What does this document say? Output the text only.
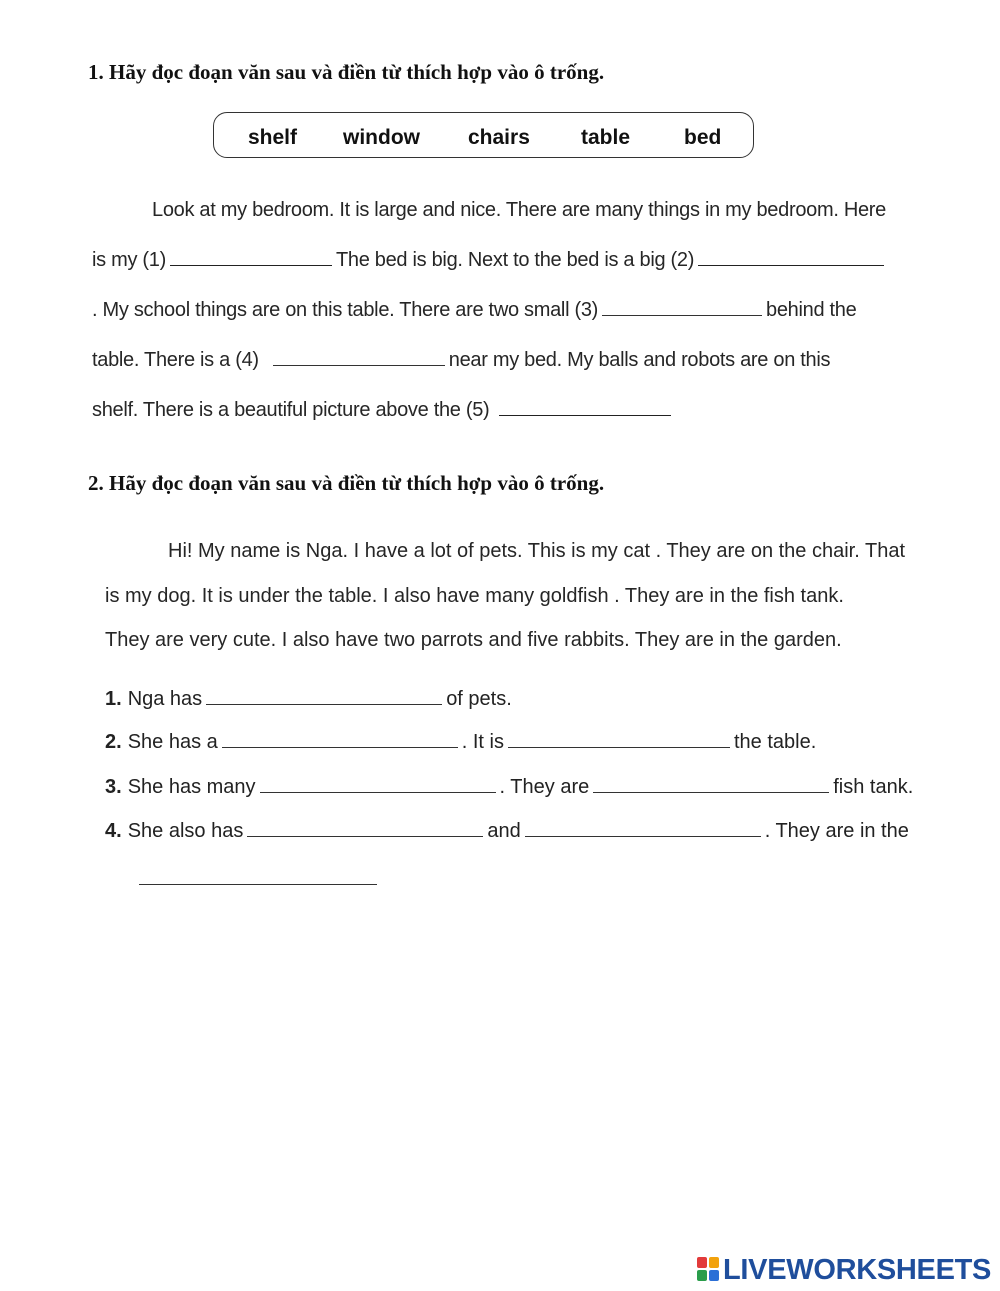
1. Hãy đọc đoạn văn sau và điền từ thích hợp vào ô trống.
shelf window chairs table	bed
Look at my bedroom. It is large and nice. There are many things in my bedroom. Here
is my (1)	The bed is big. Next to the bed is a big (2)
. My school things are on this table. There are two small (3)	behind the
table. There is a (4)	near my bed. My balls and robots are on this
shelf. There is a beautiful picture above the (5)
2. Hãy đọc đoạn văn sau và điền từ thích hợp vào ô trống.
Hi! My name is Nga. I have a lot of pets. This is my cat . They are on the chair. That
is my dog. It is under the table. I also have many goldfish . They are in the fish tank.
They are very cute. I also have two parrots and five rabbits. They are in the garden.
1. Nga has	of pets.
2. She has a	. It is	the table.
3. She has many	. They are	fish tank.
4. She also has	and	. They are in the
LIVEWORKSHEETS
